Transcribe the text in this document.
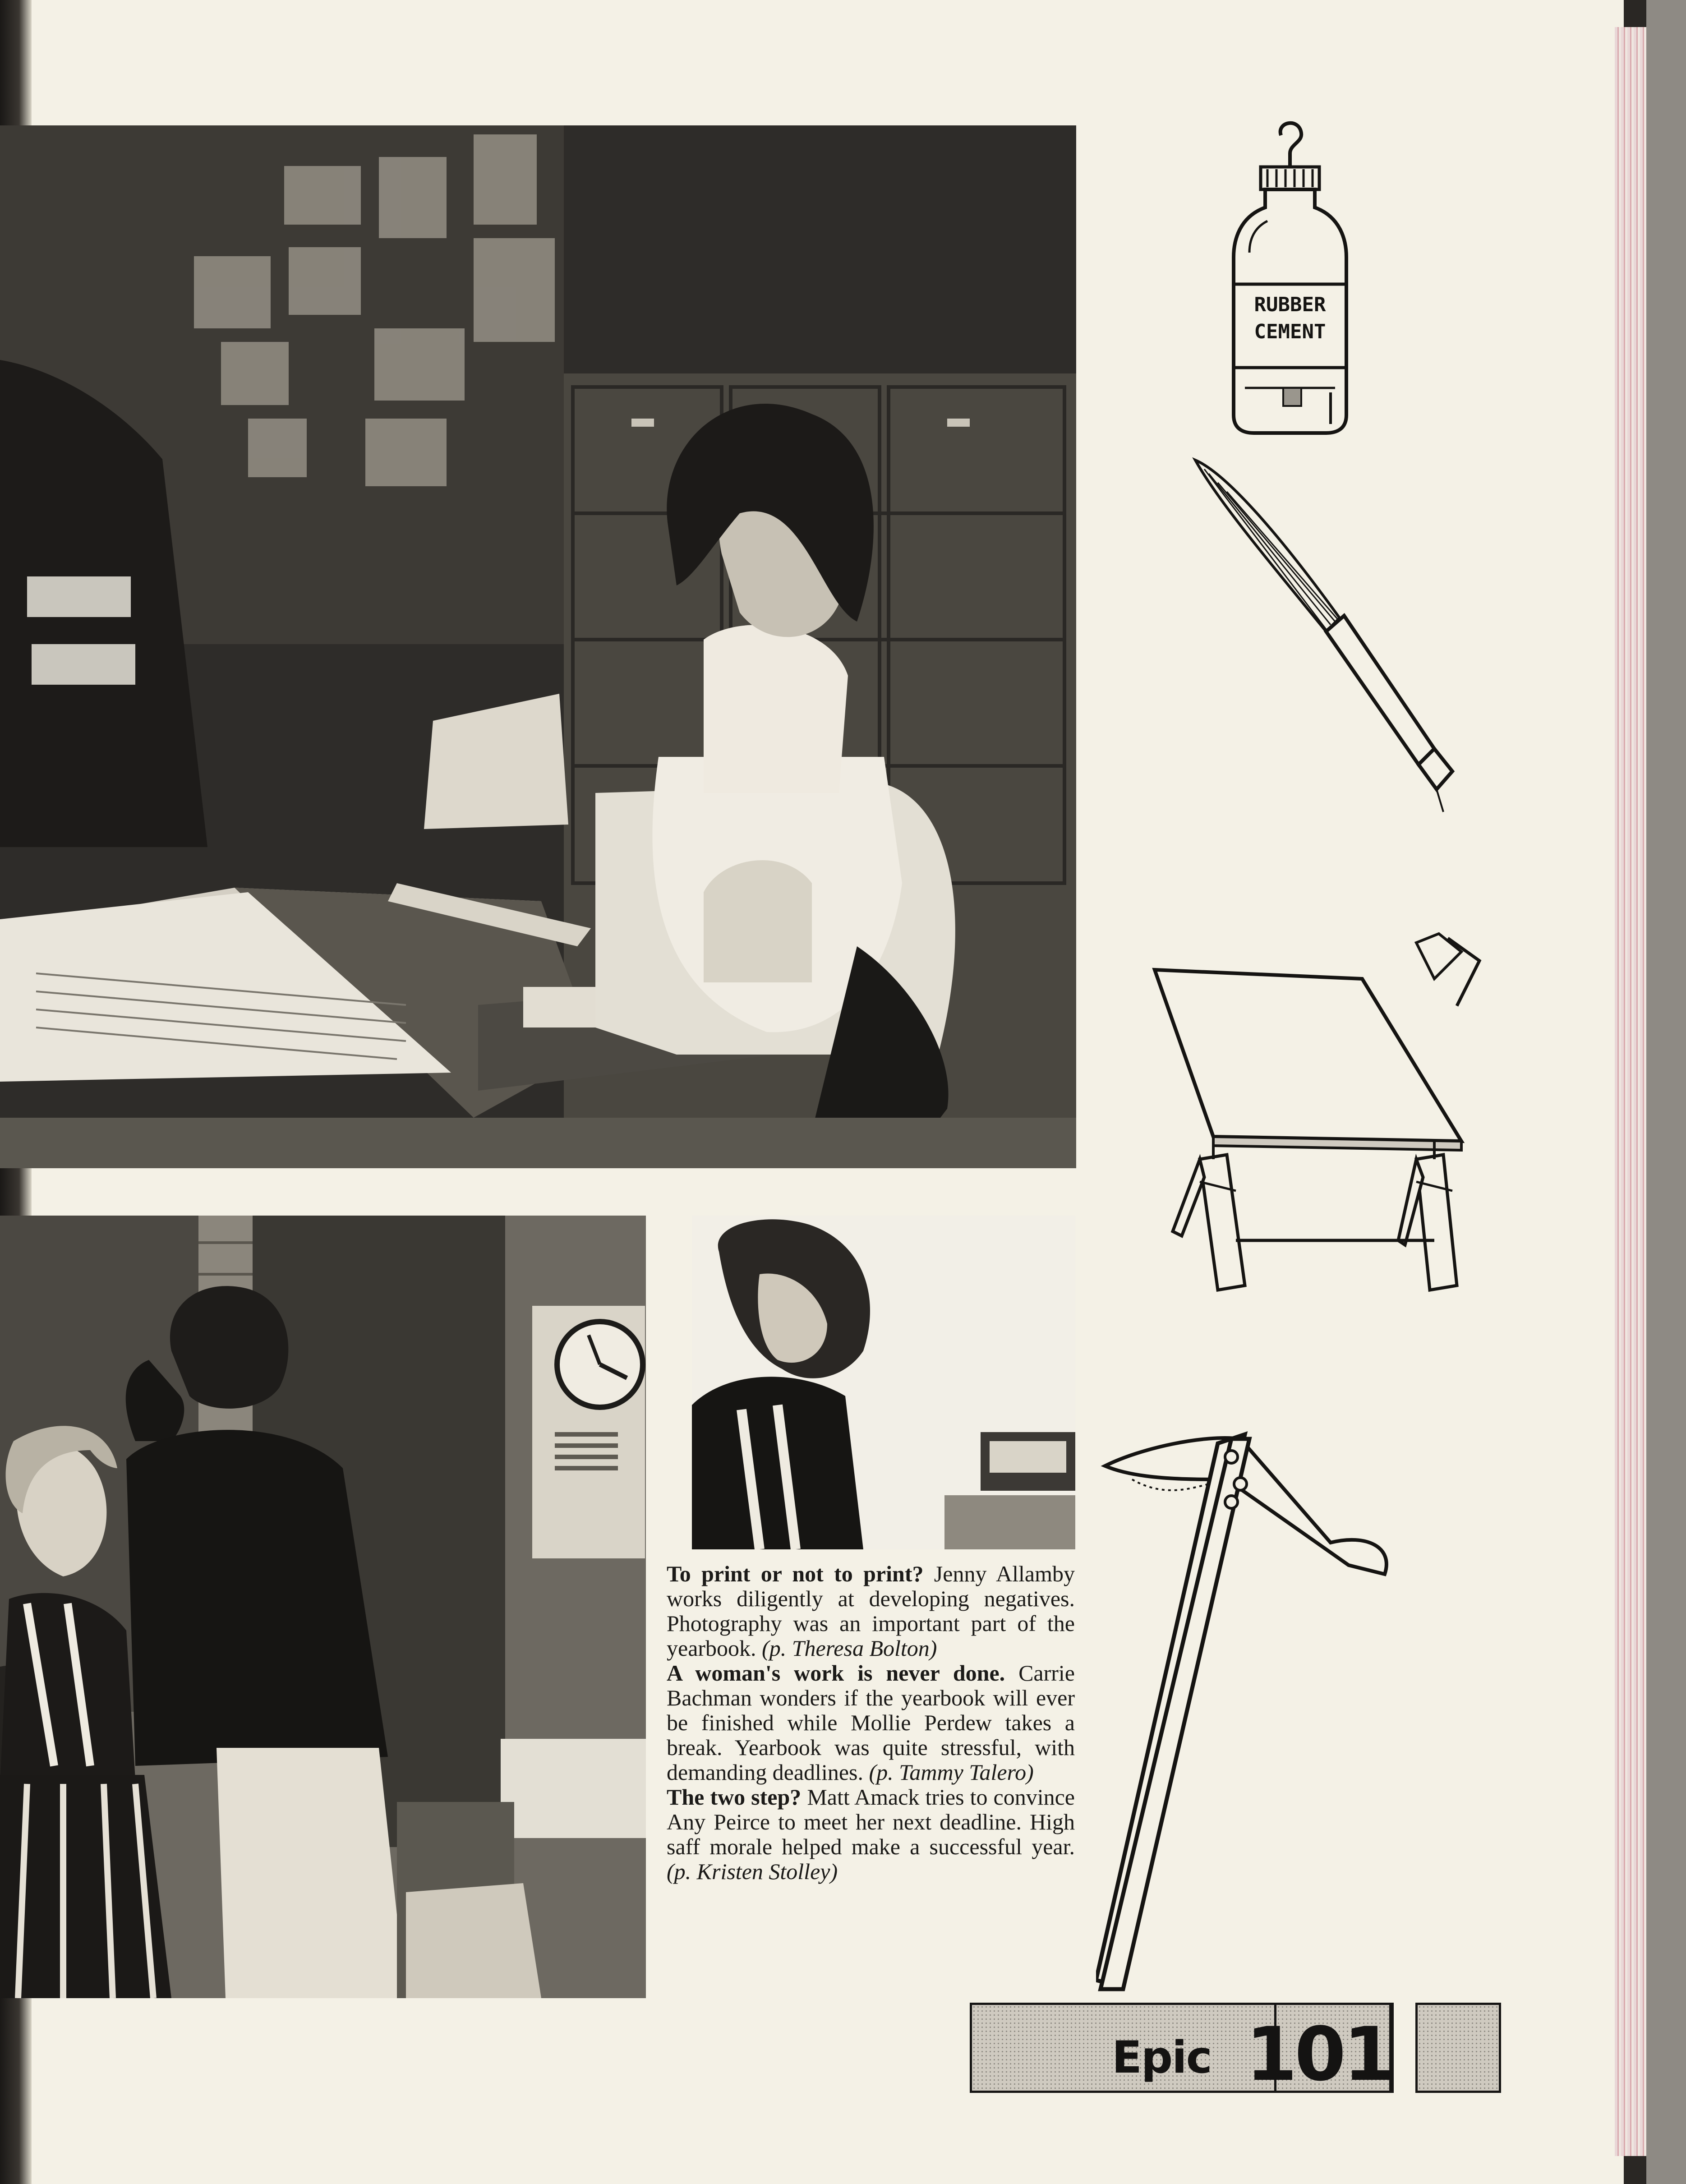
To print or not to print? Jenny Allamby works diligently at developing negatives. Photography was an important part of the yearbook. (p. Theresa Bolton)

A woman's work is never done. Carrie Bachman wonders if the yearbook will ever be finished while Mollie Perdew takes a break. Yearbook was quite stressful, with demanding deadlines. (p. Tammy Talero)

The two step? Matt Amack tries to convince Any Peirce to meet her next deadline. High saff morale helped make a successful year. (p. Kristen Stolley)

RUBBER
CEMENT
Epic 101
